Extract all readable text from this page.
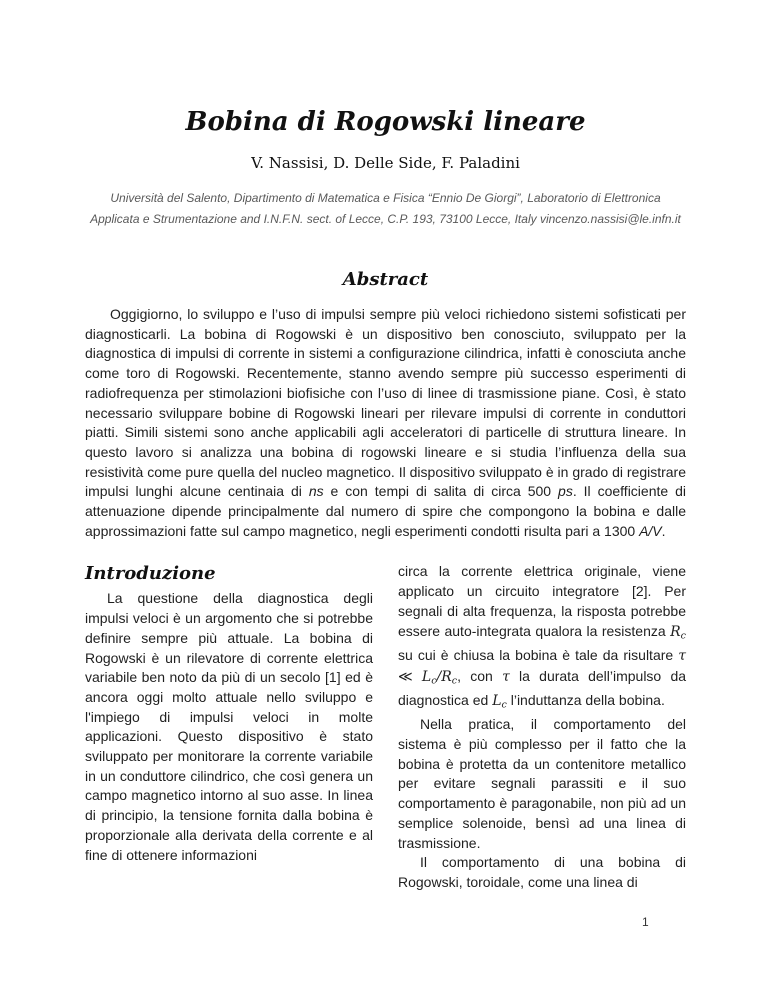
Bobina di Rogowski lineare
V. Nassisi, D. Delle Side, F. Paladini
Università del Salento, Dipartimento di Matematica e Fisica “Ennio De Giorgi”, Laboratorio di Elettronica
Applicata e Strumentazione and I.N.F.N. sect. of Lecce, C.P. 193, 73100 Lecce, Italy vincenzo.nassisi@le.infn.it
Abstract

Oggigiorno, lo sviluppo e l’uso di impulsi sempre più veloci richiedono sistemi sofisticati per diagnosticarli. La bobina di Rogowski è un dispositivo ben conosciuto, sviluppato per la diagnostica di impulsi di corrente in sistemi a configurazione cilindrica, infatti è conosciuta anche come toro di Rogowski. Recentemente, stanno avendo sempre più successo esperimenti di radiofrequenza per stimolazioni biofisiche con l’uso di linee di trasmissione piane. Così, è stato necessario sviluppare bobine di Rogowski lineari per rilevare impulsi di corrente in conduttori piatti. Simili sistemi sono anche applicabili agli acceleratori di particelle di struttura lineare. In questo lavoro si analizza una bobina di rogowski lineare e si studia l’influenza della sua resistività come pure quella del nucleo magnetico. Il dispositivo sviluppato è in grado di registrare impulsi lunghi alcune centinaia di ns e con tempi di salita di circa 500 ps. Il coefficiente di attenuazione dipende principalmente dal numero di spire che compongono la bobina e dalle approssimazioni fatte sul campo magnetico, negli esperimenti condotti risulta pari a 1300 A/V.

Introduzione

La questione della diagnostica degli impulsi veloci è un argomento che si potrebbe definire sempre più attuale. La bobina di Rogowski è un rilevatore di corrente elettrica variabile ben noto da più di un secolo [1] ed è ancora oggi molto attuale nello sviluppo e l'impiego di impulsi veloci in molte applicazioni. Questo dispositivo è stato sviluppato per monitorare la corrente variabile in un conduttore cilindrico, che così genera un campo magnetico intorno al suo asse. In linea di principio, la tensione fornita dalla bobina è proporzionale alla derivata della corrente e al fine di ottenere informazioni

circa la corrente elettrica originale, viene applicato un circuito integratore [2]. Per segnali di alta frequenza, la risposta potrebbe essere auto-integrata qualora la resistenza Rc su cui è chiusa la bobina è tale da risultare τ ≪ Lc/Rc, con τ la durata dell’impulso da diagnostica ed Lc l’induttanza della bobina.

Nella pratica, il comportamento del sistema è più complesso per il fatto che la bobina è protetta da un contenitore metallico per evitare segnali parassiti e il suo comportamento è paragonabile, non più ad un semplice solenoide, bensì ad una linea di trasmissione.

Il comportamento di una bobina di Rogowski, toroidale, come una linea di

1
